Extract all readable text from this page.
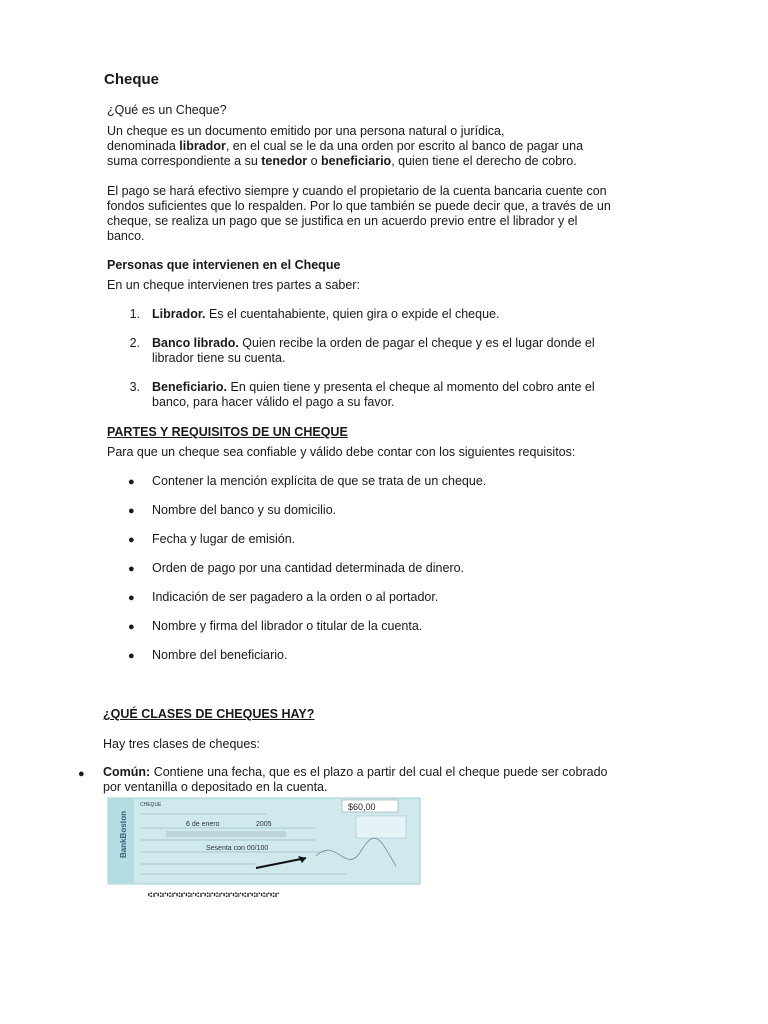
Cheque
¿Qué es un Cheque?
Un cheque es un documento emitido por una persona natural o jurídica,
denominada librador, en el cual se le da una orden por escrito al banco de pagar una
suma correspondiente a su tenedor o beneficiario, quien tiene el derecho de cobro.
El pago se hará efectivo siempre y cuando el propietario de la cuenta bancaria cuente con
fondos suficientes que lo respalden. Por lo que también se puede decir que, a través de un
cheque, se realiza un pago que se justifica en un acuerdo previo entre el librador y el
banco.
Personas que intervienen en el Cheque
En un cheque intervienen tres partes a saber:
1. Librador. Es el cuentahabiente, quien gira o expide el cheque.
2. Banco librado. Quien recibe la orden de pagar el cheque y es el lugar donde el
librador tiene su cuenta.
3. Beneficiario. En quien tiene y presenta el cheque al momento del cobro ante el
banco, para hacer válido el pago a su favor.
PARTES Y REQUISITOS DE UN CHEQUE
Para que un cheque sea confiable y válido debe contar con los siguientes requisitos:
● Contener la mención explícita de que se trata de un cheque.
● Nombre del banco y su domicilio.
● Fecha y lugar de emisión.
● Orden de pago por una cantidad determinada de dinero.
● Indicación de ser pagadero a la orden o al portador.
● Nombre y firma del librador o titular de la cuenta.
● Nombre del beneficiario.
¿QUÉ CLASES DE CHEQUES HAY?
Hay tres clases de cheques:
● Común: Contiene una fecha, que es el plazo a partir del cual el cheque puede ser cobrado
por ventanilla o depositado en la cuenta.
BankBoston
CHEQUE	$60,00
6 de enero	2005
Sesenta con 00/100
⑆⑈⑆⑈⑆⑈⑆⑈⑆⑈⑆⑈⑆⑈⑆⑈⑆⑈⑆⑈⑆⑈⑆⑈⑆⑈⑆⑈
